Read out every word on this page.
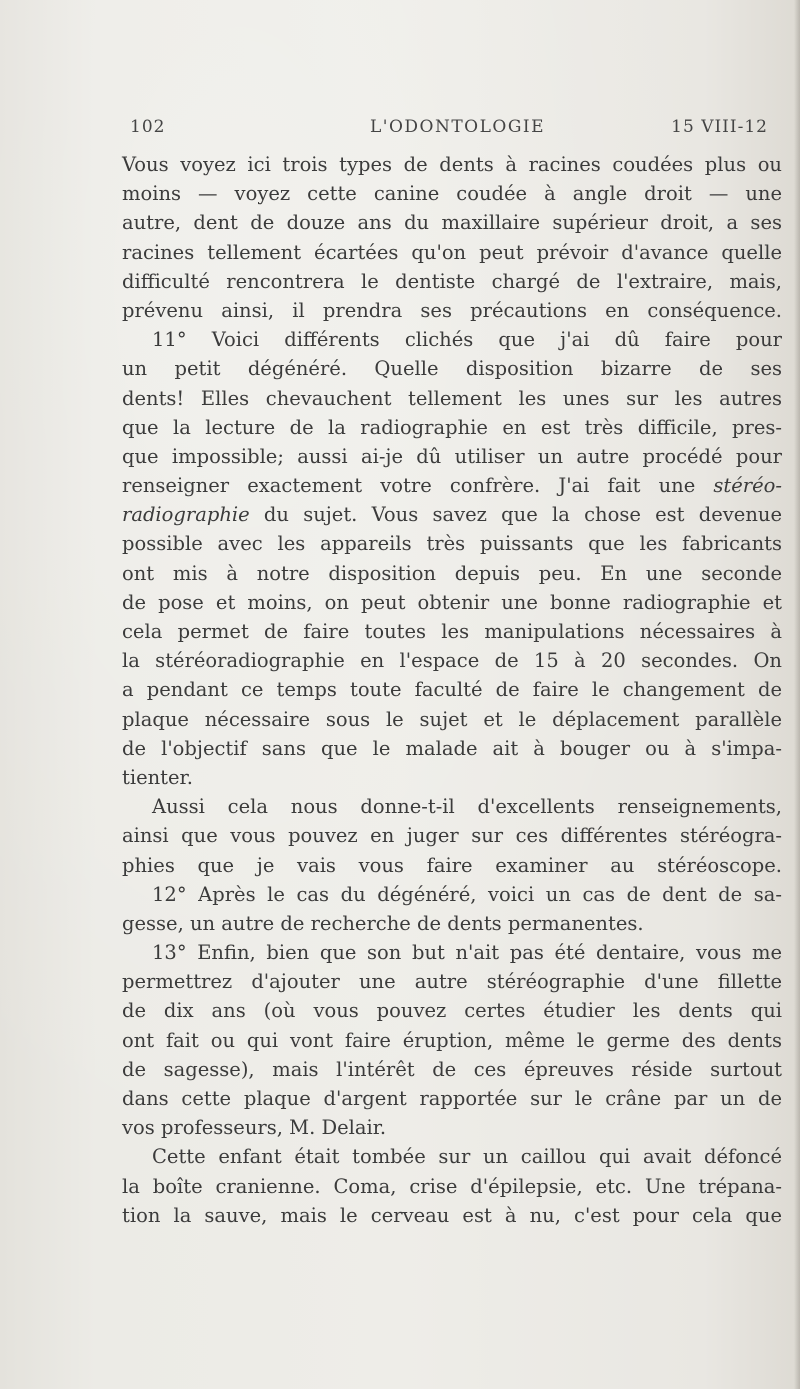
102	L'ODONTOLOGIE	15 VIII-12
Vous voyez ici trois types de dents à racines coudées plus ou
moins — voyez cette canine coudée à angle droit — une
autre, dent de douze ans du maxillaire supérieur droit, a ses
racines tellement écartées qu'on peut prévoir d'avance quelle
difficulté rencontrera le dentiste chargé de l'extraire, mais,
prévenu ainsi, il prendra ses précautions en conséquence.
11° Voici différents clichés que j'ai dû faire pour
un petit dégénéré. Quelle disposition bizarre de ses
dents! Elles chevauchent tellement les unes sur les autres
que la lecture de la radiographie en est très difficile, pres-
que impossible; aussi ai-je dû utiliser un autre procédé pour
renseigner exactement votre confrère. J'ai fait une stéréo-
radiographie du sujet. Vous savez que la chose est devenue
possible avec les appareils très puissants que les fabricants
ont mis à notre disposition depuis peu. En une seconde
de pose et moins, on peut obtenir une bonne radiographie et
cela permet de faire toutes les manipulations nécessaires à
la stéréoradiographie en l'espace de 15 à 20 secondes. On
a pendant ce temps toute faculté de faire le changement de
plaque nécessaire sous le sujet et le déplacement parallèle
de l'objectif sans que le malade ait à bouger ou à s'impa-
tienter.
Aussi cela nous donne-t-il d'excellents renseignements,
ainsi que vous pouvez en juger sur ces différentes stéréogra-
phies que je vais vous faire examiner au stéréoscope.
12° Après le cas du dégénéré, voici un cas de dent de sa-
gesse, un autre de recherche de dents permanentes.
13° Enfin, bien que son but n'ait pas été dentaire, vous me
permettrez d'ajouter une autre stéréographie d'une fillette
de dix ans (où vous pouvez certes étudier les dents qui
ont fait ou qui vont faire éruption, même le germe des dents
de sagesse), mais l'intérêt de ces épreuves réside surtout
dans cette plaque d'argent rapportée sur le crâne par un de
vos professeurs, M. Delair.
Cette enfant était tombée sur un caillou qui avait défoncé
la boîte cranienne. Coma, crise d'épilepsie, etc. Une trépana-
tion la sauve, mais le cerveau est à nu, c'est pour cela que
